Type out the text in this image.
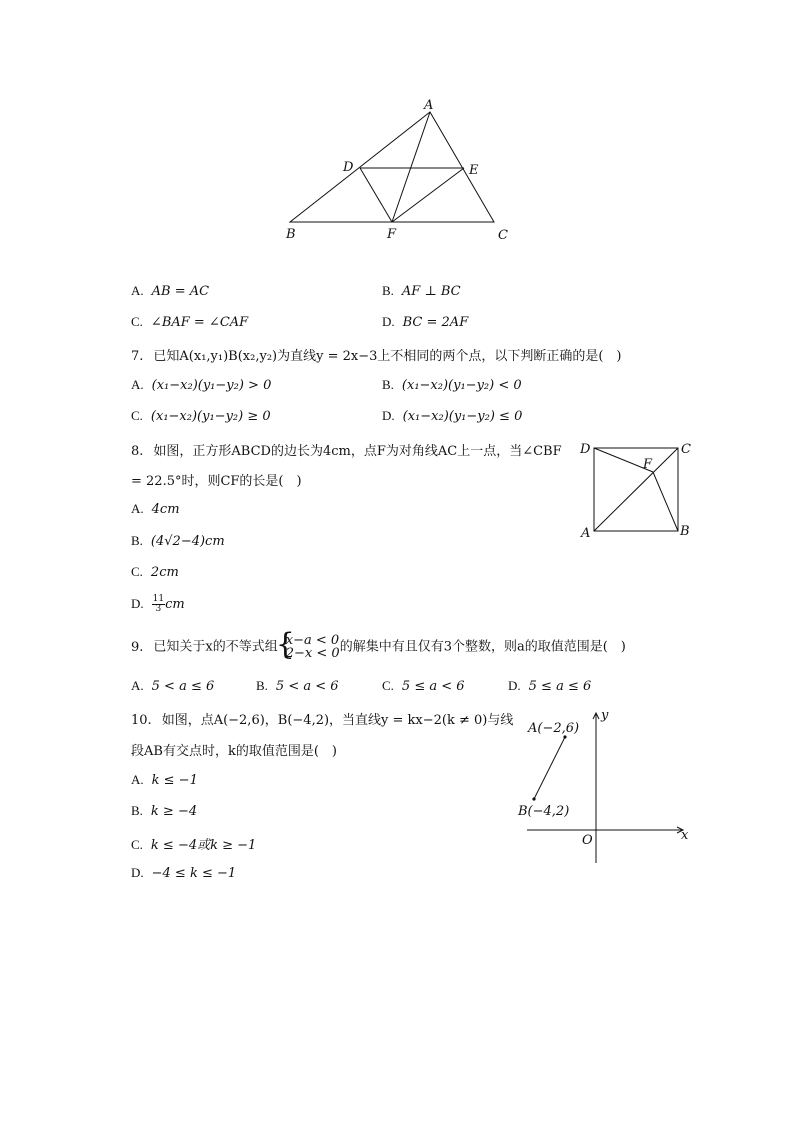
A
B	C
D	E
F
A. AB = AC	B. AF ⊥ BC
C. ∠BAF = ∠CAF	D. BC = 2AF
7. 已知A(x₁,y₁)B(x₂,y₂)为直线y = 2x−3上不相同的两个点，以下判断正确的是(　)
A. (x₁−x₂)(y₁−y₂) > 0	B. (x₁−x₂)(y₁−y₂) < 0
C. (x₁−x₂)(y₁−y₂) ≥ 0	D. (x₁−x₂)(y₁−y₂) ≤ 0
8. 如图，正方形ABCD的边长为4cm，点F为对角线AC上一点，当∠CBF
= 22.5°时，则CF的长是(　)
A. 4cm
B. (4√2−4)cm
C. 2cm
D. $\frac{11}{3}$ cm
D	C
F
A	B
9. 已知关于x的不等式组
{ x−a < 0
2−x < 0 的解集中有且仅有3个整数，则a的取值范围是(　)
A. 5 < a ≤ 6	B. 5 < a < 6	C. 5 ≤ a < 6	D. 5 ≤ a ≤ 6
10. 如图，点A(−2,6)，B(−4,2)，当直线y = kx−2(k ≠ 0)与线
段AB有交点时，k的取值范围是(　)
A. k ≤ −1
B. k ≥ −4
C. k ≤ −4或k ≥ −1
D. −4 ≤ k ≤ −1
A(−2,6)
B(−4,2)
O	x
y
